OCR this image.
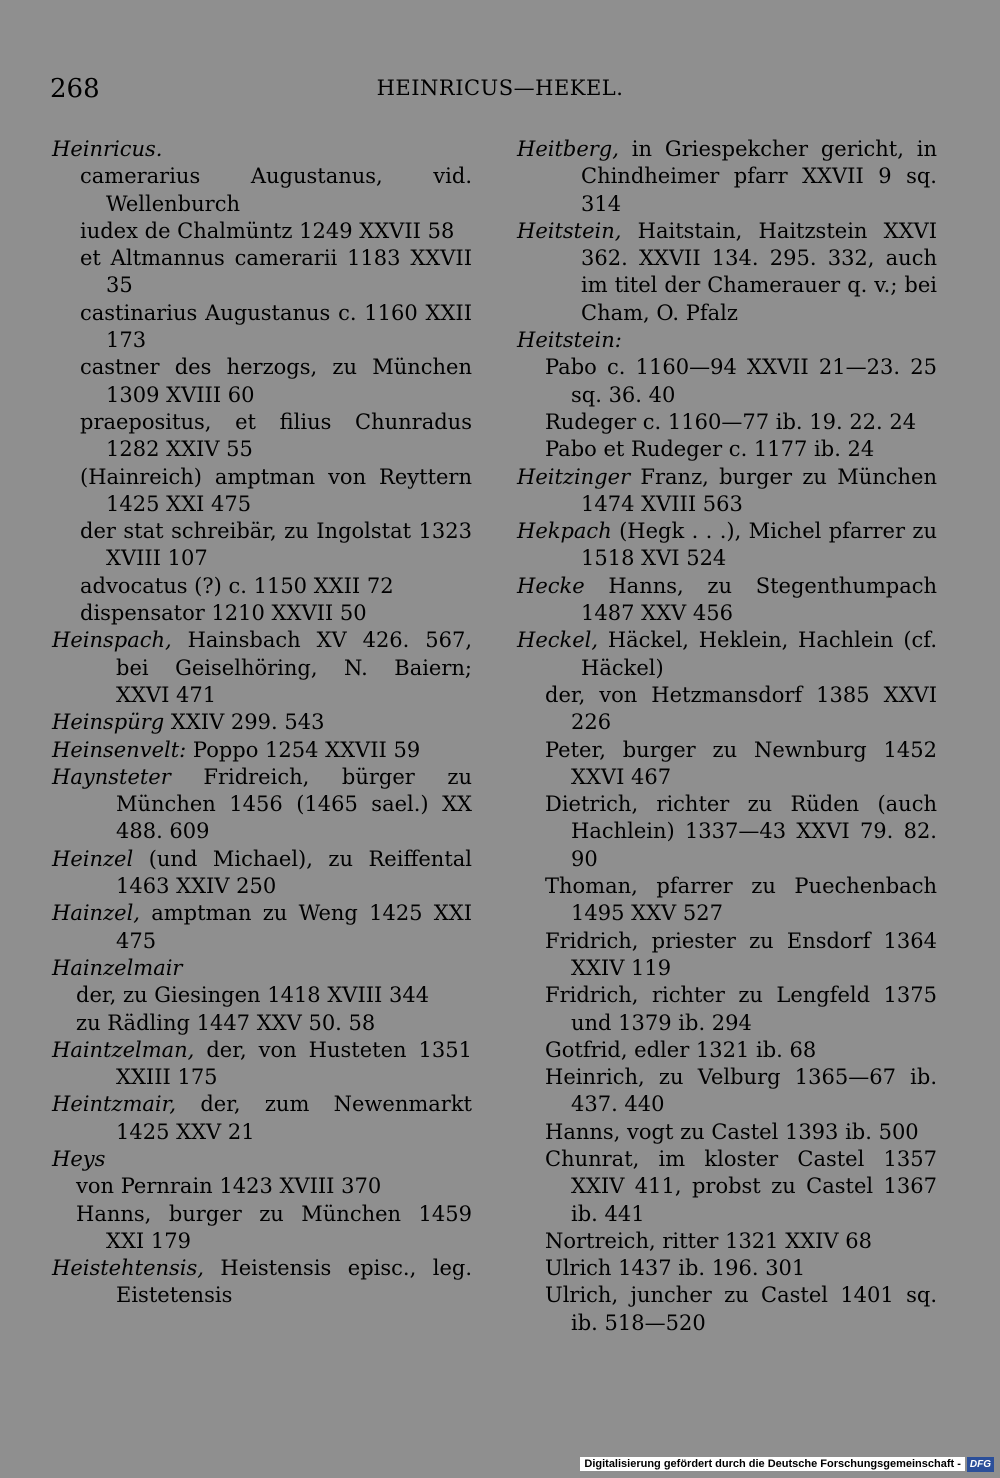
268	HEINRICUS—HEKEL.
Heinricus.
camerarius Augustanus, vid. Wellenburch
iudex de Chalmüntz 1249 XXVII 58
et Altmannus camerarii 1183 XXVII 35
castinarius Augustanus c. 1160 XXII 173
castner des herzogs, zu München 1309 XVIII 60
praepositus, et filius Chunradus 1282 XXIV 55
(Hainreich) amptman von Reyttern 1425 XXI 475
der stat schreibär, zu Ingolstat 1323 XVIII 107
advocatus (?) c. 1150 XXII 72
dispensator 1210 XXVII 50
Heinspach, Hainsbach XV 426. 567, bei Geiselhöring, N. Baiern; XXVI 471
Heinspürg XXIV 299. 543
Heinsenvelt: Poppo 1254 XXVII 59
Haynsteter Fridreich, bürger zu München 1456 (1465 sael.) XX 488. 609
Heinzel (und Michael), zu Reiffental 1463 XXIV 250
Hainzel, amptman zu Weng 1425 XXI 475
Hainzelmair
der, zu Giesingen 1418 XVIII 344
zu Rädling 1447 XXV 50. 58
Haintzelman, der, von Husteten 1351 XXIII 175
Heintzmair, der, zum Newenmarkt 1425 XXV 21
Heys
von Pernrain 1423 XVIII 370
Hanns, burger zu München 1459 XXI 179
Heistehtensis, Heistensis episc., leg. Eistetensis
Heitberg, in Griespekcher gericht, in Chindheimer pfarr XXVII 9 sq. 314
Heitstein, Haitstain, Haitzstein XXVI 362. XXVII 134. 295. 332, auch im titel der Chamerauer q. v.; bei Cham, O. Pfalz
Heitstein:
Pabo c. 1160—94 XXVII 21—23. 25 sq. 36. 40
Rudeger c. 1160—77 ib. 19. 22. 24
Pabo et Rudeger c. 1177 ib. 24
Heitzinger Franz, burger zu München 1474 XVIII 563
Hekpach (Hegk . . .), Michel pfarrer zu 1518 XVI 524
Hecke Hanns, zu Stegenthumpach 1487 XXV 456
Heckel, Häckel, Heklein, Hachlein (cf. Häckel)
der, von Hetzmansdorf 1385 XXVI 226
Peter, burger zu Newnburg 1452 XXVI 467
Dietrich, richter zu Rüden (auch Hachlein) 1337—43 XXVI 79. 82. 90
Thoman, pfarrer zu Puechenbach 1495 XXV 527
Fridrich, priester zu Ensdorf 1364 XXIV 119
Fridrich, richter zu Lengfeld 1375 und 1379 ib. 294
Gotfrid, edler 1321 ib. 68
Heinrich, zu Velburg 1365—67 ib. 437. 440
Hanns, vogt zu Castel 1393 ib. 500
Chunrat, im kloster Castel 1357 XXIV 411, probst zu Castel 1367 ib. 441
Nortreich, ritter 1321 XXIV 68
Ulrich 1437 ib. 196. 301
Ulrich, juncher zu Castel 1401 sq. ib. 518—520
Digitalisierung gefördert durch die Deutsche Forschungsgemeinschaft - DFG
